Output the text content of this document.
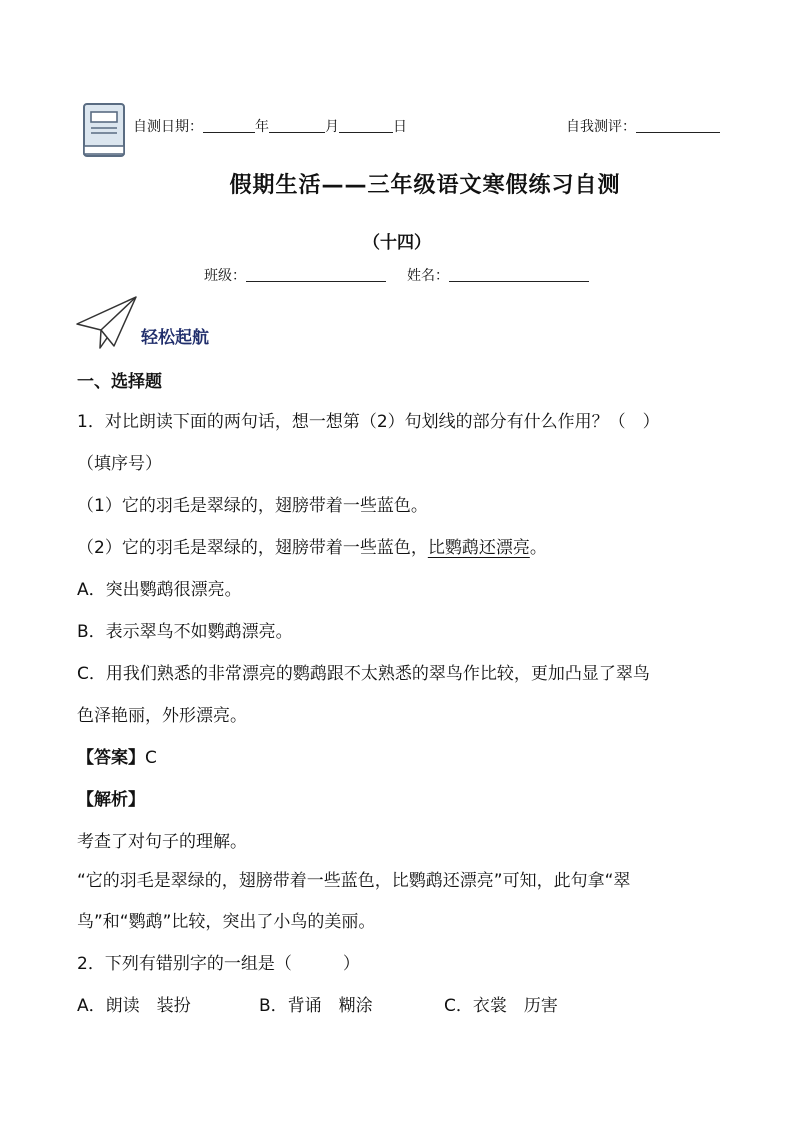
自测日期：	年	月	日	自我测评：
假期生活——三年级语文寒假练习自测
（十四）
班级：	姓名：
轻松起航
一、选择题
1．对比朗读下面的两句话，想一想第（2）句划线的部分有什么作用？（　）
（填序号）
（1）它的羽毛是翠绿的，翅膀带着一些蓝色。
（2）它的羽毛是翠绿的，翅膀带着一些蓝色，比鹦鹉还漂亮。
A．突出鹦鹉很漂亮。
B．表示翠鸟不如鹦鹉漂亮。
C．用我们熟悉的非常漂亮的鹦鹉跟不太熟悉的翠鸟作比较，更加凸显了翠鸟
色泽艳丽，外形漂亮。
【答案】C
【解析】
考查了对句子的理解。
“它的羽毛是翠绿的，翅膀带着一些蓝色，比鹦鹉还漂亮”可知，此句拿“翠
鸟”和“鹦鹉”比较，突出了小鸟的美丽。
2．下列有错别字的一组是（　　　）
A．朗读　装扮	B．背诵　糊涂	C．衣裳　历害
